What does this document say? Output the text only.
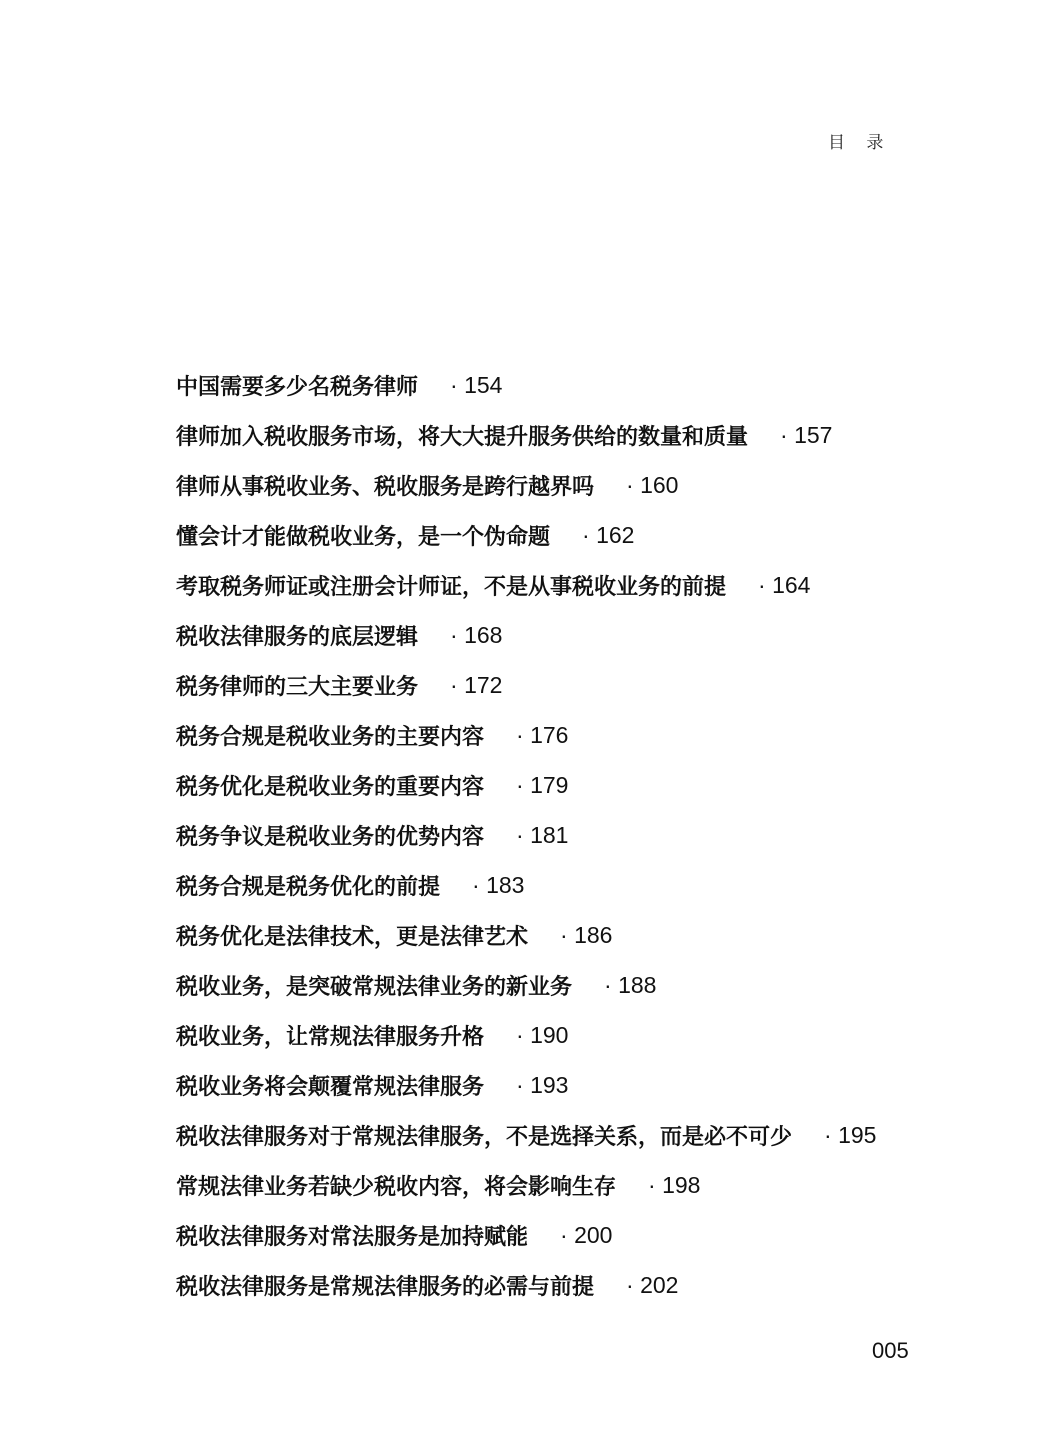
目 录
中国需要多少名税务律师 · 154
律师加入税收服务市场，将大大提升服务供给的数量和质量 · 157
律师从事税收业务、税收服务是跨行越界吗 · 160
懂会计才能做税收业务，是一个伪命题 · 162
考取税务师证或注册会计师证，不是从事税收业务的前提 · 164
税收法律服务的底层逻辑 · 168
税务律师的三大主要业务 · 172
税务合规是税收业务的主要内容 · 176
税务优化是税收业务的重要内容 · 179
税务争议是税收业务的优势内容 · 181
税务合规是税务优化的前提 · 183
税务优化是法律技术，更是法律艺术 · 186
税收业务，是突破常规法律业务的新业务 · 188
税收业务，让常规法律服务升格 · 190
税收业务将会颠覆常规法律服务 · 193
税收法律服务对于常规法律服务，不是选择关系，而是必不可少 · 195
常规法律业务若缺少税收内容，将会影响生存 · 198
税收法律服务对常法服务是加持赋能 · 200
税收法律服务是常规法律服务的必需与前提 · 202
005
